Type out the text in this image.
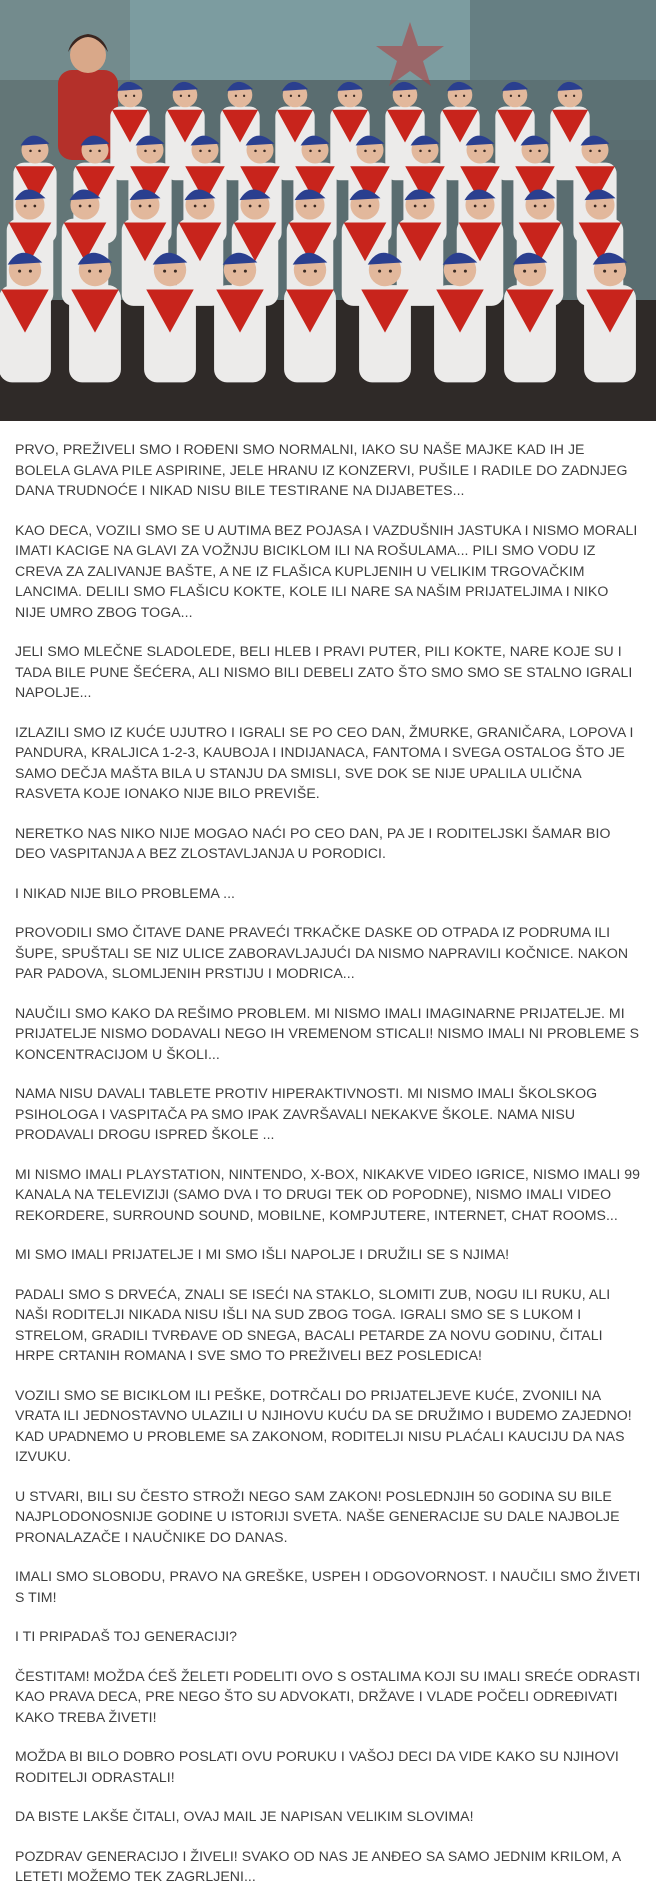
PRVO, PREŽIVELI SMO I ROĐENI SMO NORMALNI, IAKO SU NAŠE MAJKE KAD IH JE BOLELA GLAVA PILE ASPIRINE, JELE HRANU IZ KONZERVI, PUŠILE I RADILE DO ZADNJEG DANA TRUDNOĆE I NIKAD NISU BILE TESTIRANE NA DIJABETES...

KAO DECA, VOZILI SMO SE U AUTIMA BEZ POJASA I VAZDUŠNIH JASTUKA I NISMO MORALI IMATI KACIGE NA GLAVI ZA VOŽNJU BICIKLOM ILI NA ROŠULAMA... PILI SMO VODU IZ CREVA ZA ZALIVANJE BAŠTE, A NE IZ FLAŠICA KUPLJENIH U VELIKIM TRGOVAČKIM LANCIMA. DELILI SMO FLAŠICU KOKTE, KOLE ILI NARE SA NAŠIM PRIJATELJIMA I NIKO NIJE UMRO ZBOG TOGA...

JELI SMO MLEČNE SLADOLEDE, BELI HLEB I PRAVI PUTER, PILI KOKTE, NARE KOJE SU I TADA BILE PUNE ŠEĆERA, ALI NISMO BILI DEBELI ZATO ŠTO SMO SMO SE STALNO IGRALI NAPOLJE...

IZLAZILI SMO IZ KUĆE UJUTRO I IGRALI SE PO CEO DAN, ŽMURKE, GRANIČARA, LOPOVA I PANDURA, KRALJICA 1-2-3, KAUBOJA I INDIJANACA, FANTOMA I SVEGA OSTALOG ŠTO JE SAMO DEČJA MAŠTA BILA U STANJU DA SMISLI, SVE DOK SE NIJE UPALILA ULIČNA RASVETA KOJE IONAKO NIJE BILO PREVIŠE.

NERETKO NAS NIKO NIJE MOGAO NAĆI PO CEO DAN, PA JE I RODITELJSKI ŠAMAR BIO DEO VASPITANJA A BEZ ZLOSTAVLJANJA U PORODICI.

I NIKAD NIJE BILO PROBLEMA ...

PROVODILI SMO ČITAVE DANE PRAVEĆI TRKAČKE DASKE OD OTPADA IZ PODRUMA ILI ŠUPE, SPUŠTALI SE NIZ ULICE ZABORAVLJAJUĆI DA NISMO NAPRAVILI KOČNICE. NAKON PAR PADOVA, SLOMLJENIH PRSTIJU I MODRICA...

NAUČILI SMO KAKO DA REŠIMO PROBLEM. MI NISMO IMALI IMAGINARNE PRIJATELJE. MI PRIJATELJE NISMO DODAVALI NEGO IH VREMENOM STICALI! NISMO IMALI NI PROBLEME S KONCENTRACIJOM U ŠKOLI...

NAMA NISU DAVALI TABLETE PROTIV HIPERAKTIVNOSTI. MI NISMO IMALI ŠKOLSKOG PSIHOLOGA I VASPITAČA PA SMO IPAK ZAVRŠAVALI NEKAKVE ŠKOLE. NAMA NISU PRODAVALI DROGU ISPRED ŠKOLE ...

MI NISMO IMALI PLAYSTATION, NINTENDO, X-BOX, NIKAKVE VIDEO IGRICE, NISMO IMALI 99 KANALA NA TELEVIZIJI (SAMO DVA I TO DRUGI TEK OD POPODNE), NISMO IMALI VIDEO REKORDERE, SURROUND SOUND, MOBILNE, KOMPJUTERE, INTERNET, CHAT ROOMS...

MI SMO IMALI PRIJATELJE I MI SMO IŠLI NAPOLJE I DRUŽILI SE S NJIMA!

PADALI SMO S DRVEĆA, ZNALI SE ISEĆI NA STAKLO, SLOMITI ZUB, NOGU ILI RUKU, ALI NAŠI RODITELJI NIKADA NISU IŠLI NA SUD ZBOG TOGA. IGRALI SMO SE S LUKOM I STRELOM, GRADILI TVRĐAVE OD SNEGA, BACALI PETARDE ZA NOVU GODINU, ČITALI HRPE CRTANIH ROMANA I SVE SMO TO PREŽIVELI BEZ POSLEDICA!

VOZILI SMO SE BICIKLOM ILI PEŠKE, DOTRČALI DO PRIJATELJEVE KUĆE, ZVONILI NA VRATA ILI JEDNOSTAVNO ULAZILI U NJIHOVU KUĆU DA SE DRUŽIMO I BUDEMO ZAJEDNO! KAD UPADNEMO U PROBLEME SA ZAKONOM, RODITELJI NISU PLAĆALI KAUCIJU DA NAS IZVUKU.

U STVARI, BILI SU ČESTO STROŽI NEGO SAM ZAKON! POSLEDNJIH 50 GODINA SU BILE NAJPLODONOSNIJE GODINE U ISTORIJI SVETA. NAŠE GENERACIJE SU DALE NAJBOLJE PRONALAZAČE I NAUČNIKE DO DANAS.

IMALI SMO SLOBODU, PRAVO NA GREŠKE, USPEH I ODGOVORNOST. I NAUČILI SMO ŽIVETI S TIM!

I TI PRIPADAŠ TOJ GENERACIJI?

ČESTITAM! MOŽDA ĆEŠ ŽELETI PODELITI OVO S OSTALIMA KOJI SU IMALI SREĆE ODRASTI KAO PRAVA DECA, PRE NEGO ŠTO SU ADVOKATI, DRŽAVE I VLADE POČELI ODREĐIVATI KAKO TREBA ŽIVETI!

MOŽDA BI BILO DOBRO POSLATI OVU PORUKU I VAŠOJ DECI DA VIDE KAKO SU NJIHOVI RODITELJI ODRASTALI!

DA BISTE LAKŠE ČITALI, OVAJ MAIL JE NAPISAN VELIKIM SLOVIMA!

POZDRAV GENERACIJO I ŽIVELI! SVAKO OD NAS JE ANĐEO SA SAMO JEDNIM KRILOM, A LETETI MOŽEMO TEK ZAGRLJENI...
